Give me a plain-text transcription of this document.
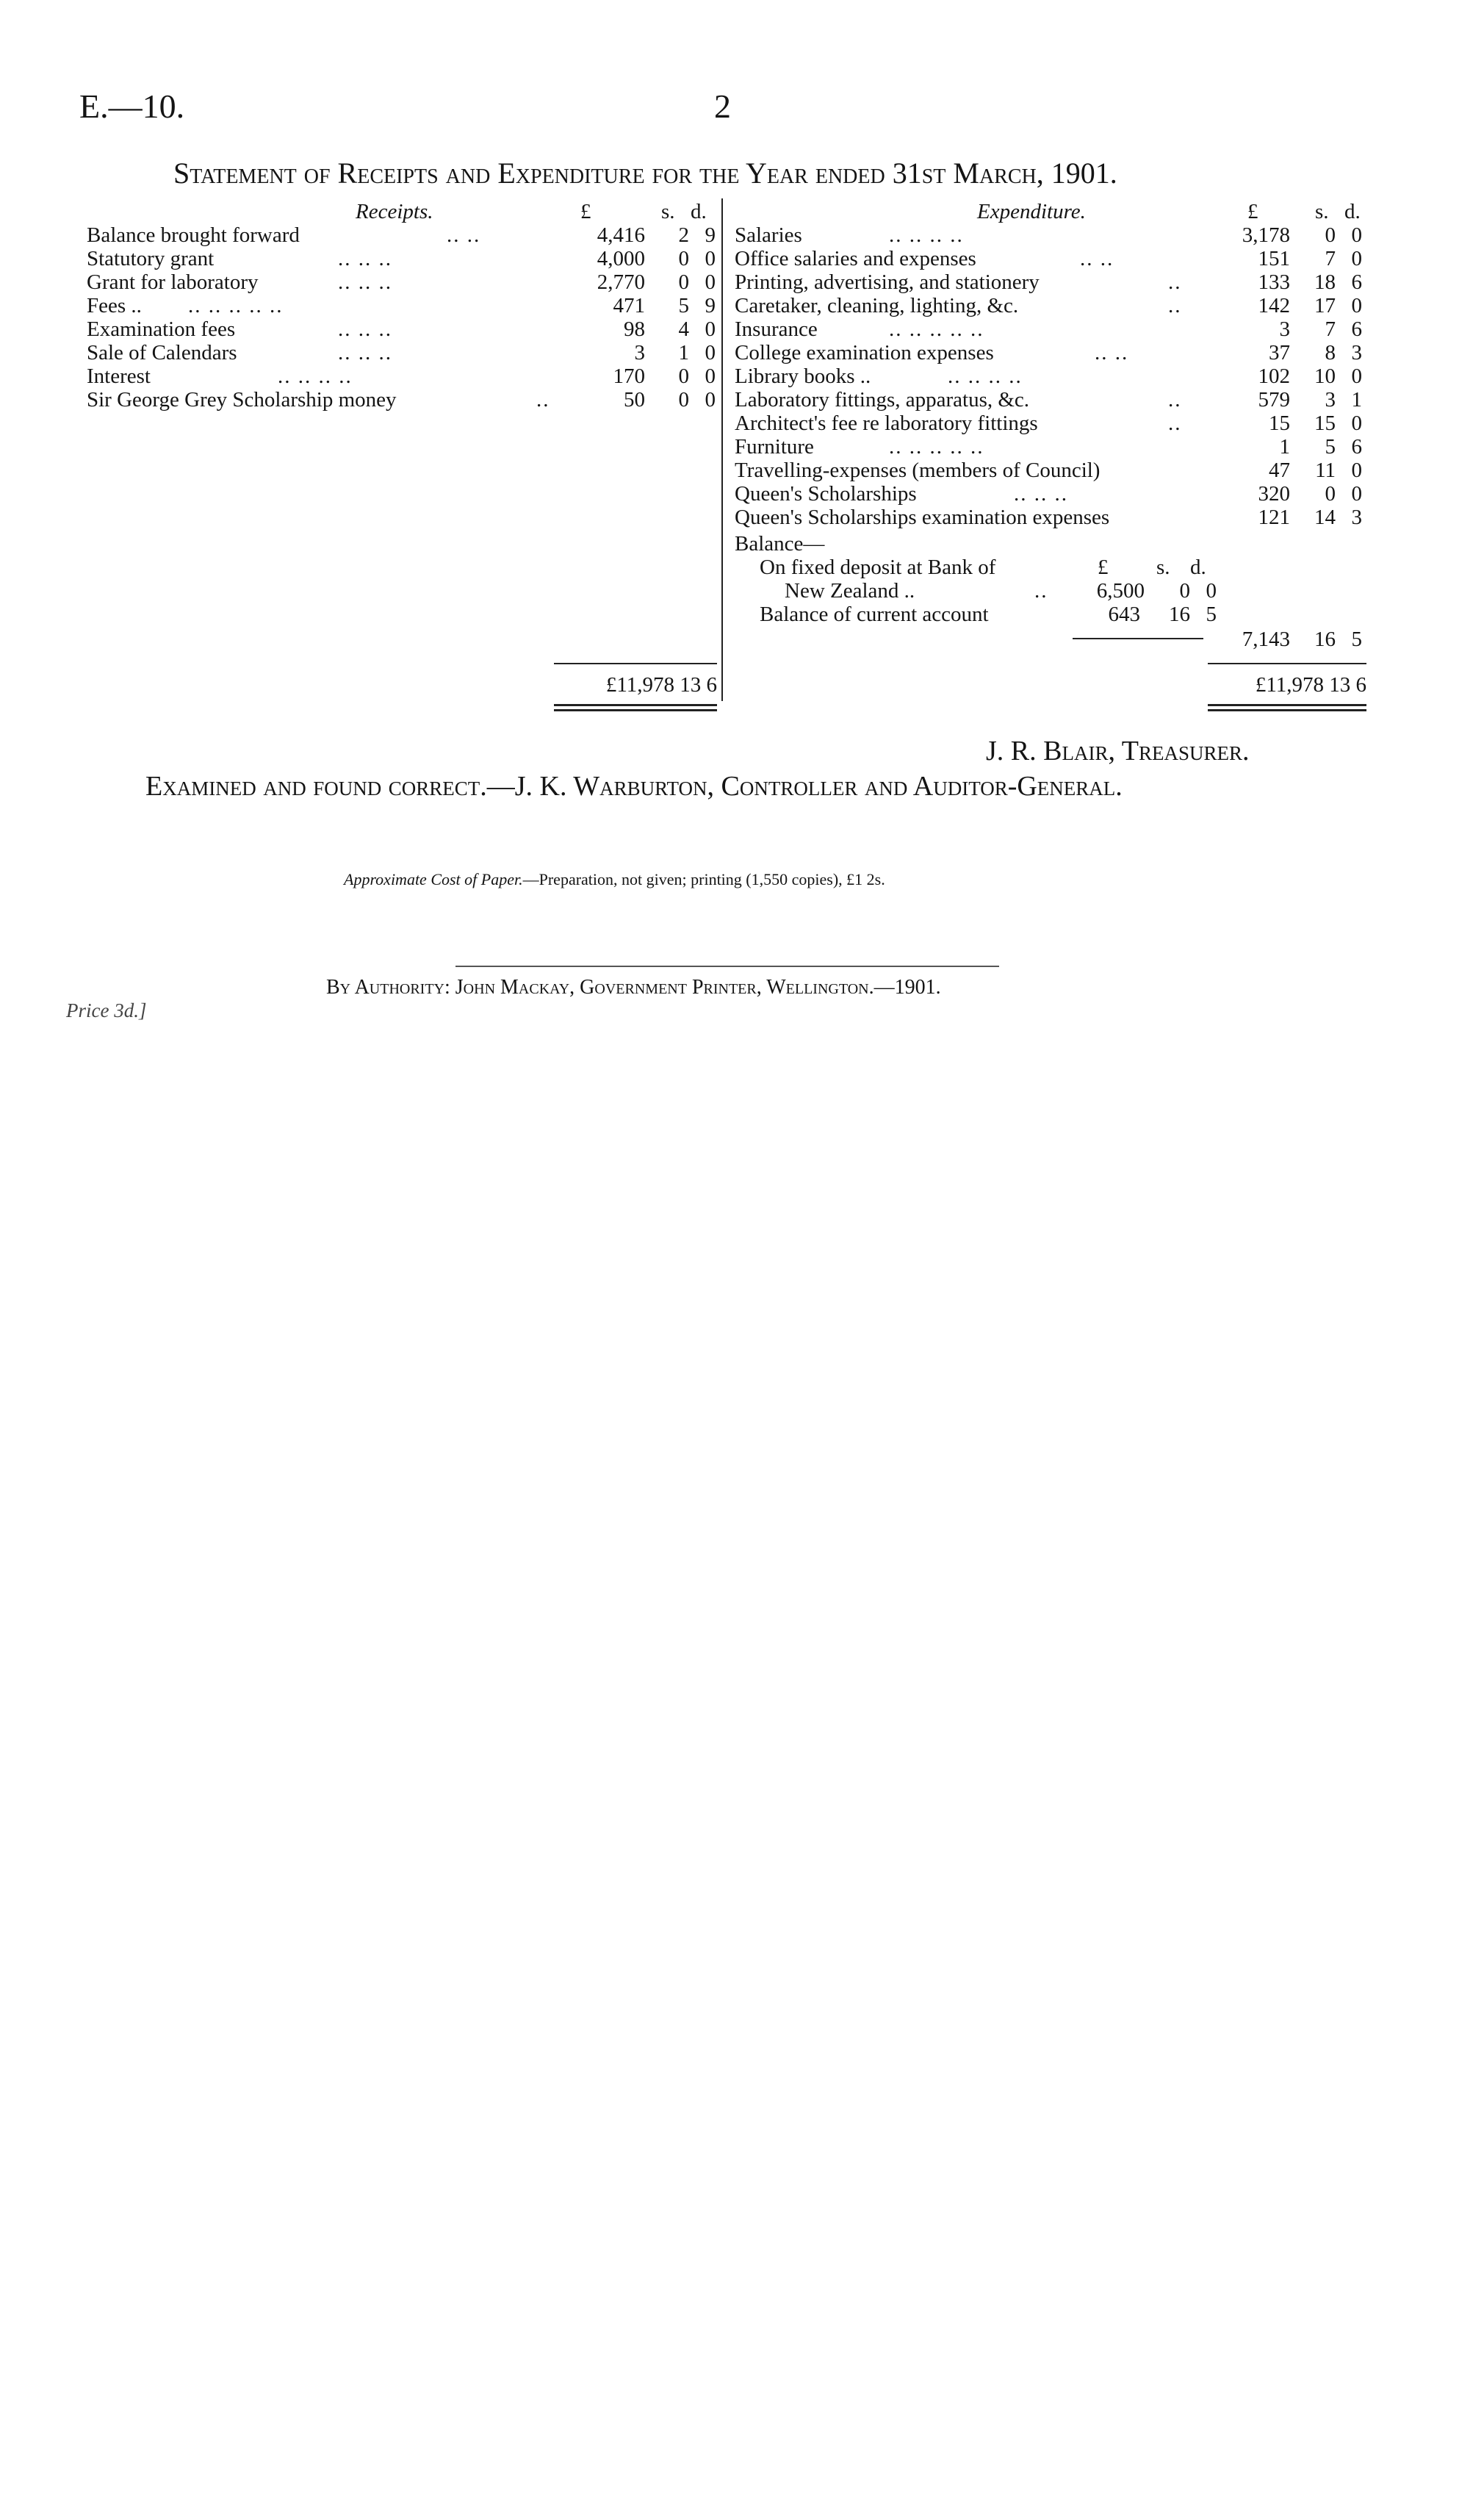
E.—10.	2
Statement of Receipts and Expenditure for the Year ended 31st March, 1901.
Receipts.	£	s. d.
Balance brought forward	.. ..	4,416 2 9
Statutory grant	.. .. ..	4,000 0 0
Grant for laboratory	.. .. ..	2,770 0 0
Fees .. .. .. .. .. ..	471 5 9
Examination fees	.. .. ..	98 4 0
Sale of Calendars	.. .. ..	3 1 0
Interest	.. .. .. ..	170 0 0
Sir George Grey Scholarship money	..	50 0 0
£11,978 13 6
Expenditure.	£	s. d.
Salaries	.. .. .. ..	3,178 0 0
Office salaries and expenses	.. ..	151 7 0
Printing, advertising, and stationery	..	133 18 6
Caretaker, cleaning, lighting, &c.	..	142 17 0
Insurance	.. .. .. .. ..	3 7 6
College examination expenses	.. ..	37 8 3
Library books ..	.. .. .. ..	102 10 0
Laboratory fittings, apparatus, &c.	..	579 3 1
Architect's fee re laboratory fittings	..	15 15 0
Furniture	.. .. .. .. ..	1 5 6
Travelling-expenses (members of Council)	47 11 0
Queen's Scholarships	.. .. ..	320 0 0
Queen's Scholarships examination expenses	121 14 3
Balance—
On fixed deposit at Bank of	£ s. d.
New Zealand ..	.. 6,500 0 0
Balance of current account	643 16 5
7,143 16 5
£11,978 13 6
J. R. Blair, Treasurer.
Examined and found correct.—J. K. Warburton, Controller and Auditor-General.
Approximate Cost of Paper.—Preparation, not given; printing (1,550 copies), £1 2s.
By Authority: John Mackay, Government Printer, Wellington.—1901.
Price 3d.]
